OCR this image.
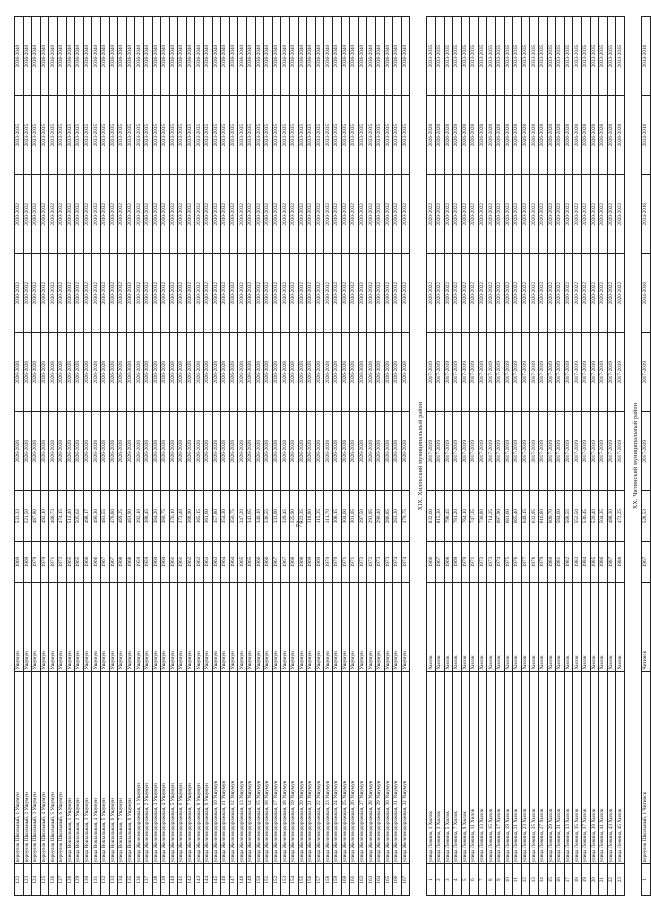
122	переулок Школьный, 1 Ушумун	Ушумун	1969	533,33	2026-2028	2026-2028	2030-2032	2030-2032	2033-2035	2036-2040
123	переулок Школьный, 2 Ушумун	Ушумун	1969	521,50	2026-2028	2026-2028	2030-2032	2030-2032	2033-2035	2036-2040
124	переулок Школьный, 3 Ушумун	Ушумун	1970	487,80	2026-2028	2026-2028	2030-2032	2030-2032	2033-2035	2036-2040
125	переулок Школьный, 4 Ушумун	Ушумун	1970	492,10	2026-2028	2026-2028	2030-2032	2030-2032	2033-2035	2036-2040
126	переулок Школьный, 5 Ушумун	Ушумун	1971	468,73	2026-2028	2026-2028	2030-2032	2030-2032	2033-2035	2036-2040
127	переулок Школьный, 6 Ушумун	Ушумун	1972	474,15	2026-2028	2026-2028	2030-2032	2030-2032	2033-2035	2036-2040
128	улица Вокзальная, 1 Ушумун	Ушумун	1965	512,40	2026-2028	2026-2028	2030-2032	2030-2032	2033-2035	2036-2040
129	улица Вокзальная, 2 Ушумун	Ушумун	1965	505,62	2026-2028	2026-2028	2030-2032	2030-2032	2033-2035	2036-2040
130	улица Вокзальная, 3 Ушумун	Ушумун	1966	498,17	2026-2028	2026-2028	2030-2032	2030-2032	2033-2035	2036-2040
131	улица Вокзальная, 4 Ушумун	Ушумун	1966	490,30	2026-2028	2026-2028	2030-2032	2030-2032	2033-2035	2036-2040
132	улица Вокзальная, 5 Ушумун	Ушумун	1967	483,55	2026-2028	2026-2028	2030-2032	2030-2032	2033-2035	2036-2040
133	улица Вокзальная, 6 Ушумун	Ушумун	1967	476,80	2026-2028	2026-2028	2030-2032	2030-2032	2033-2035	2036-2040
134	улица Вокзальная, 7 Ушумун	Ушумун	1968	469,25	2026-2028	2026-2028	2030-2032	2030-2032	2033-2035	2036-2040
135	улица Вокзальная, 8 Ушумун	Ушумун	1968	461,90	2026-2028	2026-2028	2030-2032	2030-2032	2033-2035	2036-2040
136	улица Железнодорожная, 1 Ушумун	Ушумун	1959	392,10	2026-2028	2026-2028	2030-2032	2030-2032	2033-2035	2036-2040
137	улица Железнодорожная, 2 Ушумун	Ушумун	1959	388,45	2026-2028	2026-2028	2030-2032	2030-2032	2033-2035	2036-2040
138	улица Железнодорожная, 3 Ушумун	Ушумун	1960	384,20	2026-2028	2026-2028	2030-2032	2030-2032	2033-2035	2036-2040
139	улица Железнодорожная, 4 Ушумун	Ушумун	1960	380,75	2026-2028	2026-2028	2030-2032	2030-2032	2033-2035	2036-2040
140	улица Железнодорожная, 5 Ушумун	Ушумун	1961	376,10	2026-2028	2026-2028	2030-2032	2030-2032	2033-2035	2036-2040
141	улица Железнодорожная, 6 Ушумун	Ушумун	1961	372,40	2026-2028	2026-2028	2030-2032	2030-2032	2033-2035	2036-2040
142	улица Железнодорожная, 7 Ушумун	Ушумун	1962	368,90	2026-2028	2026-2028	2030-2032	2030-2032	2033-2035	2036-2040
143	улица Железнодорожная, 8 Ушумун	Ушумун	1962	365,15	2026-2028	2026-2028	2030-2032	2030-2032	2033-2035	2036-2040
144	улица Железнодорожная, 9 Ушумун	Ушумун	1963	361,60	2026-2028	2026-2028	2030-2032	2030-2032	2033-2035	2036-2040
145	улица Железнодорожная, 10 Ушумун	Ушумун	1963	357,80	2026-2028	2026-2028	2030-2032	2030-2032	2033-2035	2036-2040
146	улица Железнодорожная, 11 Ушумун	Ушумун	1964	354,30	2026-2028	2026-2028	2030-2032	2030-2032	2033-2035	2036-2040
147	улица Железнодорожная, 12 Ушумун	Ушумун	1964	350,75	2026-2028	2026-2028	2030-2032	2030-2032	2033-2035	2036-2040
148	улица Железнодорожная, 13 Ушумун	Ушумун	1965	347,20	2026-2028	2026-2028	2030-2032	2030-2032	2033-2035	2036-2040
149	улица Железнодорожная, 14 Ушумун	Ушумун	1965	343,65	2026-2028	2026-2028	2030-2032	2030-2032	2033-2035	2036-2040
150	улица Железнодорожная, 15 Ушумун	Ушумун	1966	340,10	2026-2028	2026-2028	2030-2032	2030-2032	2033-2035	2036-2040
151	улица Железнодорожная, 16 Ушумун	Ушумун	1966	336,55	2026-2028	2026-2028	2030-2032	2030-2032	2033-2035	2036-2040
152	улица Железнодорожная, 17 Ушумун	Ушумун	1967	333,00	2026-2028	2026-2028	2030-2032	2030-2032	2033-2035	2036-2040
153	улица Железнодорожная, 18 Ушумун	Ушумун	1967	329,45	2026-2028	2026-2028	2030-2032	2030-2032	2033-2035	2036-2040
154	улица Железнодорожная, 19 Ушумун	Ушумун	1968	325,90	2026-2028	2026-2028	2030-2032	2030-2032	2033-2035	2036-2040
155	улица Железнодорожная, 20 Ушумун	Ушумун	1968	322,35	2026-2028	2026-2028	2030-2032	2030-2032	2033-2035	2036-2040
156	улица Железнодорожная, 21 Ушумун	Ушумун	1969	318,80	2026-2028	2026-2028	2030-2032	2030-2032	2033-2035	2036-2040
157	улица Железнодорожная, 22 Ушумун	Ушумун	1969	315,25	2026-2028	2026-2028	2030-2032	2030-2032	2033-2035	2036-2040
158	улица Железнодорожная, 23 Ушумун	Ушумун	1970	311,70	2026-2028	2026-2028	2030-2032	2030-2032	2033-2035	2036-2040
159	улица Железнодорожная, 24 Ушумун	Ушумун	1970	308,15	2026-2028	2026-2028	2030-2032	2030-2032	2033-2035	2036-2040
160	улица Железнодорожная, 25 Ушумун	Ушумун	1971	304,60	2026-2028	2026-2028	2030-2032	2030-2032	2033-2035	2036-2040
161	улица Железнодорожная, 26 Ушумун	Ушумун	1971	301,05	2026-2028	2026-2028	2030-2032	2030-2032	2033-2035	2036-2040
162	улица Железнодорожная, 27 Ушумун	Ушумун	1972	297,50	2026-2028	2026-2028	2030-2032	2030-2032	2033-2035	2036-2040
163	улица Железнодорожная, 28 Ушумун	Ушумун	1972	293,95	2026-2028	2026-2028	2030-2032	2030-2032	2033-2035	2036-2040
164	улица Железнодорожная, 29 Ушумун	Ушумун	1973	290,40	2026-2028	2026-2028	2030-2032	2030-2032	2033-2035	2036-2040
165	улица Железнодорожная, 30 Ушумун	Ушумун	1973	286,85	2026-2028	2026-2028	2030-2032	2030-2032	2033-2035	2036-2040
166	улица Железнодорожная, 31 Ушумун	Ушумун	1974	283,30	2026-2028	2026-2028	2030-2032	2030-2032	2033-2035	2036-2040
167	улица Железнодорожная, 32 Ушумун	Ушумун	1974	279,75	2026-2028	2026-2028	2030-2032	2030-2032	2033-2035	2036-2040
XIX. Хилокский муниципальный район
1	улица Ленина, 1 Хилок	Хилок	1966	832,60	2017-2019	2017-2019	2020-2022	2020-2022	2026-2028	2033-2035
2	улица Ленина, 3 Хилок	Хилок	1967	815,30	2017-2019	2017-2019	2020-2022	2020-2022	2026-2028	2033-2035
3	улица Ленина, 5 Хилок	Хилок	1968	798,45	2017-2019	2017-2019	2020-2022	2020-2022	2026-2028	2033-2035
4	улица Ленина, 7 Хилок	Хилок	1969	781,20	2017-2019	2017-2019	2020-2022	2020-2022	2026-2028	2033-2035
5	улица Ленина, 9 Хилок	Хилок	1970	764,10	2017-2019	2017-2019	2020-2022	2020-2022	2026-2028	2033-2035
6	улица Ленина, 11 Хилок	Хилок	1971	747,35	2017-2019	2017-2019	2020-2022	2020-2022	2026-2028	2033-2035
7	улица Ленина, 13 Хилок	Хилок	1972	730,80	2017-2019	2017-2019	2020-2022	2020-2022	2026-2028	2033-2035
8	улица Ленина, 15 Хилок	Хилок	1973	714,25	2017-2019	2017-2019	2020-2022	2020-2022	2026-2028	2033-2035
9	улица Ленина, 17 Хилок	Хилок	1974	697,90	2017-2019	2017-2019	2020-2022	2020-2022	2026-2028	2033-2035
10	улица Ленина, 19 Хилок	Хилок	1975	681,60	2017-2019	2017-2019	2020-2022	2020-2022	2026-2028	2033-2035
11	улица Ленина, 21 Хилок	Хилок	1976	665,40	2017-2019	2017-2019	2020-2022	2020-2022	2026-2028	2033-2035
12	улица Ленина, 23 Хилок	Хилок	1977	649,15	2017-2019	2017-2019	2020-2022	2020-2022	2026-2028	2033-2035
13	улица Ленина, 25 Хилок	Хилок	1978	632,95	2017-2019	2017-2019	2020-2022	2020-2022	2026-2028	2033-2035
14	улица Ленина, 27 Хилок	Хилок	1979	616,80	2017-2019	2017-2019	2020-2022	2020-2022	2026-2028	2033-2035
15	улица Ленина, 29 Хилок	Хилок	1980	600,70	2017-2019	2017-2019	2020-2022	2020-2022	2026-2028	2033-2035
16	улица Ленина, 31 Хилок	Хилок	1981	584,60	2017-2019	2017-2019	2020-2022	2020-2022	2026-2028	2033-2035
17	улица Ленина, 33 Хилок	Хилок	1982	568,55	2017-2019	2017-2019	2020-2022	2020-2022	2026-2028	2033-2035
18	улица Ленина, 35 Хилок	Хилок	1983	552,50	2017-2019	2017-2019	2020-2022	2020-2022	2026-2028	2033-2035
19	улица Ленина, 37 Хилок	Хилок	1984	536,45	2017-2019	2017-2019	2020-2022	2020-2022	2026-2028	2033-2035
20	улица Ленина, 39 Хилок	Хилок	1985	520,40	2017-2019	2017-2019	2020-2022	2020-2022	2026-2028	2033-2035
21	улица Ленина, 41 Хилок	Хилок	1986	504,35	2017-2019	2017-2019	2020-2022	2020-2022	2026-2028	2033-2035
22	улица Ленина, 43 Хилок	Хилок	1987	488,30	2017-2019	2017-2019	2020-2022	2020-2022	2026-2028	2033-2035
23	улица Ленина, 45 Хилок	Хилок	1988	472,25	2017-2019	2017-2019	2020-2022	2020-2022	2026-2028	2033-2035
XX. Читинский муниципальный район
1	переулок Школьный, 1 Читинск	Читинск	1967	528,53	2017-2019	2017-2019	2014-2016	2014-2016	2014-2016	2014-2016
72
